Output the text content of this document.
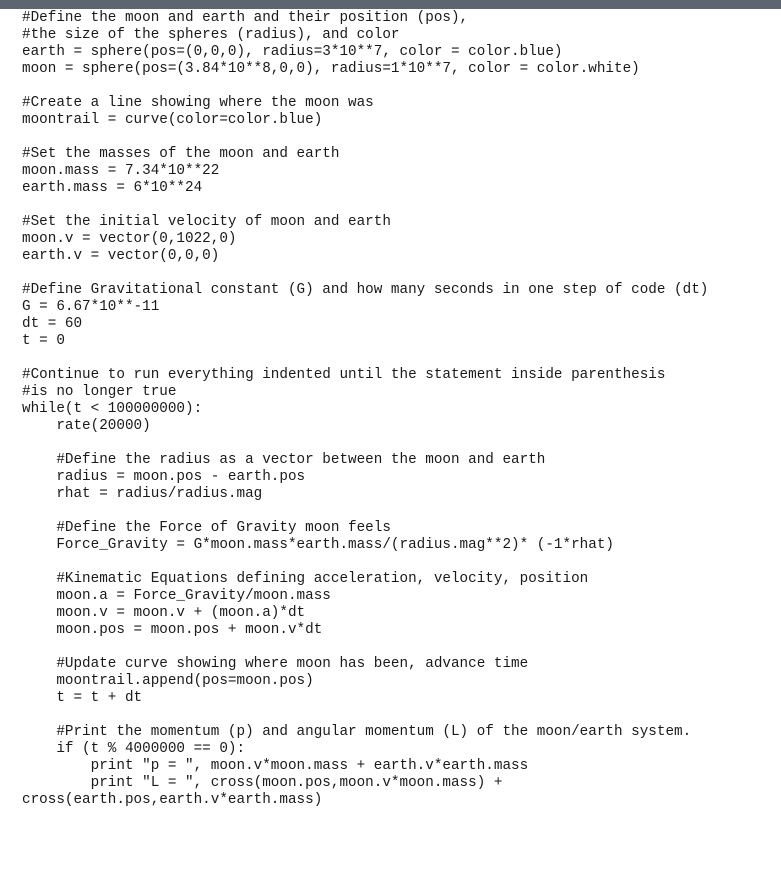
#Define the moon and earth and their position (pos),
#the size of the spheres (radius), and color
earth = sphere(pos=(0,0,0), radius=3*10**7, color = color.blue)
moon = sphere(pos=(3.84*10**8,0,0), radius=1*10**7, color = color.white)
#Create a line showing where the moon was
moontrail = curve(color=color.blue)
#Set the masses of the moon and earth
moon.mass = 7.34*10**22
earth.mass = 6*10**24
#Set the initial velocity of moon and earth
moon.v = vector(0,1022,0)
earth.v = vector(0,0,0)
#Define Gravitational constant (G) and how many seconds in one step of code (dt)
G = 6.67*10**-11
dt = 60
t = 0
#Continue to run everything indented until the statement inside parenthesis
#is no longer true
while(t < 100000000):
rate(20000)
#Define the radius as a vector between the moon and earth
radius = moon.pos - earth.pos
rhat = radius/radius.mag
#Define the Force of Gravity moon feels
Force_Gravity = G*moon.mass*earth.mass/(radius.mag**2)* (-1*rhat)
#Kinematic Equations defining acceleration, velocity, position
moon.a = Force_Gravity/moon.mass
moon.v = moon.v + (moon.a)*dt
moon.pos = moon.pos + moon.v*dt
#Update curve showing where moon has been, advance time
moontrail.append(pos=moon.pos)
t = t + dt
#Print the momentum (p) and angular momentum (L) of the moon/earth system.
if (t % 4000000 == 0):
print "p = ", moon.v*moon.mass + earth.v*earth.mass
print "L = ", cross(moon.pos,moon.v*moon.mass) +
cross(earth.pos,earth.v*earth.mass)
